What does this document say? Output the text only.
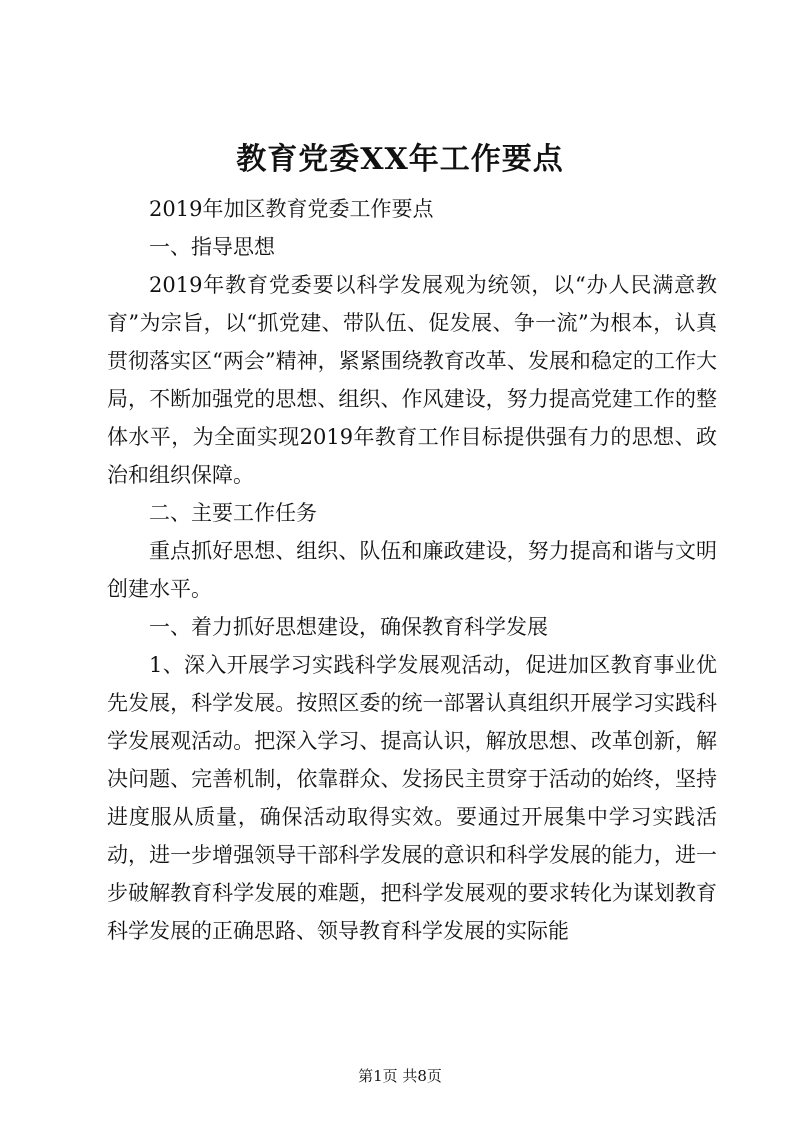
教育党委XX年工作要点

2019年加区教育党委工作要点

一、指导思想

2019年教育党委要以科学发展观为统领，以“办人民满意教育”为宗旨，以“抓党建、带队伍、促发展、争一流”为根本，认真贯彻落实区“两会”精神，紧紧围绕教育改革、发展和稳定的工作大局，不断加强党的思想、组织、作风建设，努力提高党建工作的整体水平，为全面实现2019年教育工作目标提供强有力的思想、政治和组织保障。

二、主要工作任务

重点抓好思想、组织、队伍和廉政建设，努力提高和谐与文明创建水平。

一、着力抓好思想建设，确保教育科学发展

1、深入开展学习实践科学发展观活动，促进加区教育事业优先发展，科学发展。按照区委的统一部署认真组织开展学习实践科学发展观活动。把深入学习、提高认识，解放思想、改革创新，解决问题、完善机制，依靠群众、发扬民主贯穿于活动的始终，坚持进度服从质量，确保活动取得实效。要通过开展集中学习实践活动，进一步增强领导干部科学发展的意识和科学发展的能力，进一步破解教育科学发展的难题，把科学发展观的要求转化为谋划教育科学发展的正确思路、领导教育科学发展的实际能

第1页 共8页
